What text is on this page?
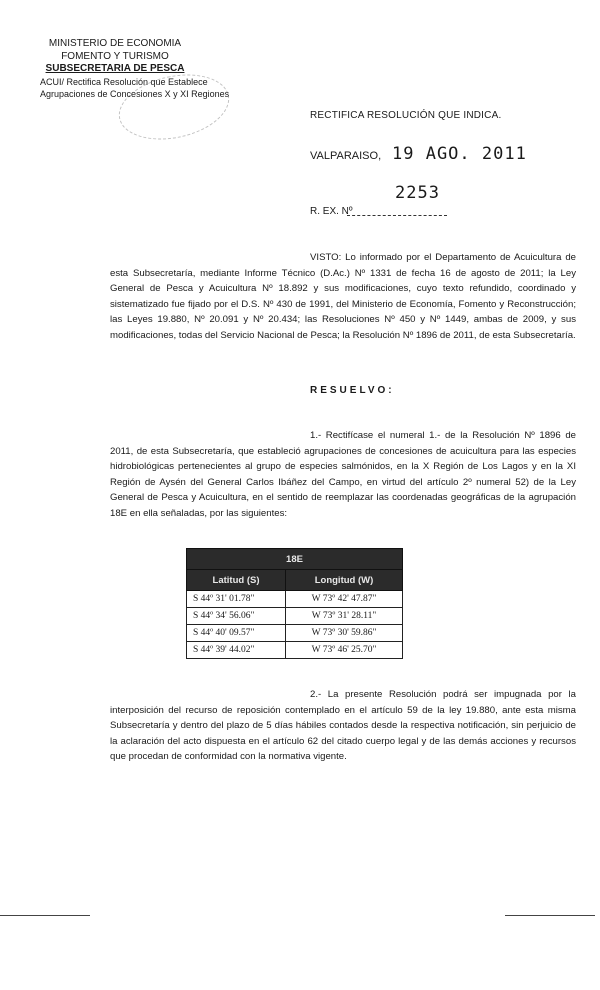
MINISTERIO DE ECONOMIA
FOMENTO Y TURISMO
SUBSECRETARIA DE PESCA
ACUI/ Rectifica Resolución que Establece
Agrupaciones de Concesiones X y XI Regiones
RECTIFICA RESOLUCIÓN QUE INDICA.
VALPARAISO, 19 AGO. 2011
2253
R. EX. Nº

VISTO: Lo informado por el Departamento de Acuicultura de esta Subsecretaría, mediante Informe Técnico (D.Ac.) Nº 1331 de fecha 16 de agosto de 2011; la Ley General de Pesca y Acuicultura Nº 18.892 y sus modificaciones, cuyo texto refundido, coordinado y sistematizado fue fijado por el D.S. Nº 430 de 1991, del Ministerio de Economía, Fomento y Reconstrucción; las Leyes 19.880, Nº 20.091 y Nº 20.434; las Resoluciones Nº 450 y Nº 1449, ambas de 2009, y sus modificaciones, todas del Servicio Nacional de Pesca; la Resolución Nº 1896 de 2011, de esta Subsecretaría.

RESUELVO:

1.- Rectifícase el numeral 1.- de la Resolución Nº 1896 de 2011, de esta Subsecretaría, que estableció agrupaciones de concesiones de acuicultura para las especies hidrobiológicas pertenecientes al grupo de especies salmónidos, en la X Región de Los Lagos y en la XI Región de Aysén del General Carlos Ibáñez del Campo, en virtud del artículo 2º numeral 52) de la Ley General de Pesca y Acuicultura, en el sentido de reemplazar las coordenadas geográficas de la agrupación 18E en ella señaladas, por las siguientes:

18E	
Latitud (S)	Longitud (W)
S 44º 31' 01.78"	W 73º 42' 47.87"
S 44º 34' 56.06"	W 73º 31' 28.11"
S 44º 40' 09.57"	W 73º 30' 59.86"
S 44º 39' 44.02"	W 73º 46' 25.70"

2.- La presente Resolución podrá ser impugnada por la interposición del recurso de reposición contemplado en el artículo 59 de la ley 19.880, ante esta misma Subsecretaría y dentro del plazo de 5 días hábiles contados desde la respectiva notificación, sin perjuicio de la aclaración del acto dispuesta en el artículo 62 del citado cuerpo legal y de las demás acciones y recursos que procedan de conformidad con la normativa vigente.
